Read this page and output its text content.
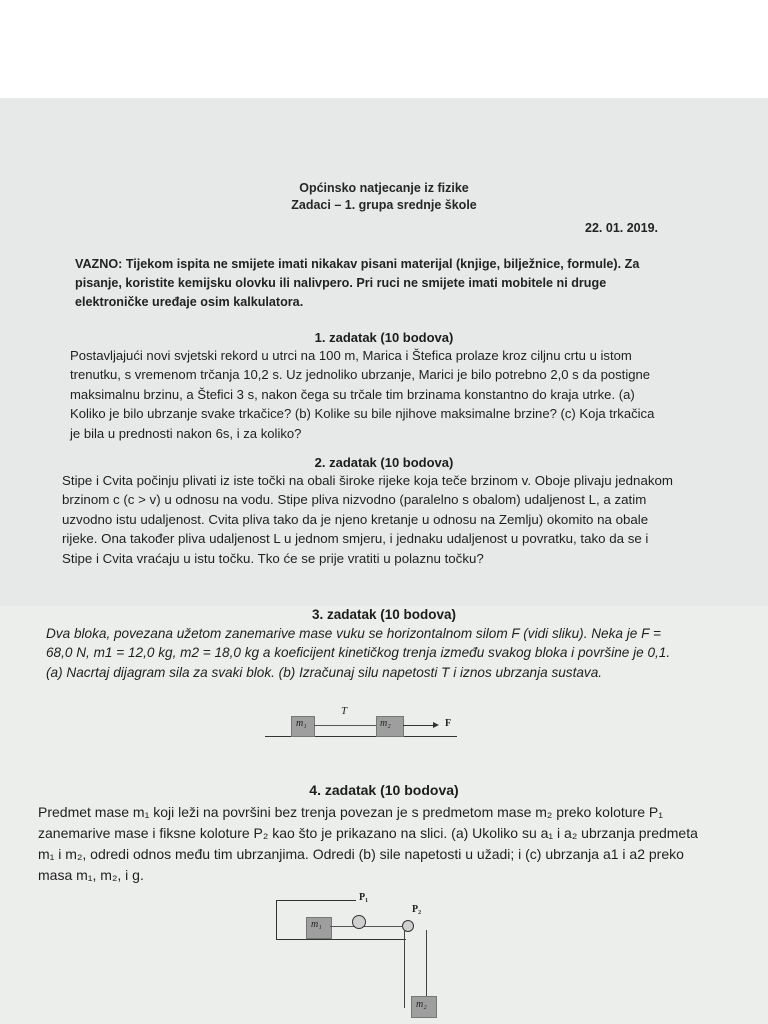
Općinsko natjecanje iz fizike
Zadaci – 1. grupa srednje škole
22. 01. 2019.
VAZNO: Tijekom ispita ne smijete imati nikakav pisani materijal (knjige, bilježnice, formule). Za pisanje, koristite kemijsku olovku ili nalivpero. Pri ruci ne smijete imati mobitele ni druge elektroničke uređaje osim kalkulatora.
1. zadatak (10 bodova)
Postavljajući novi svjetski rekord u utrci na 100 m, Marica i Štefica prolaze kroz ciljnu crtu u istom trenutku, s vremenom trčanja 10,2 s. Uz jednoliko ubrzanje, Marici je bilo potrebno 2,0 s da postigne maksimalnu brzinu, a Štefici 3 s, nakon čega su trčale tim brzinama konstantno do kraja utrke. (a) Koliko je bilo ubrzanje svake trkačice? (b) Kolike su bile njihove maksimalne brzine? (c) Koja trkačica je bila u prednosti nakon 6s, i za koliko?
2. zadatak (10 bodova)
Stipe i Cvita počinju plivati iz iste točki na obali široke rijeke koja teče brzinom v. Oboje plivaju jednakom brzinom c (c > v) u odnosu na vodu. Stipe pliva nizvodno (paralelno s obalom) udaljenost L, a zatim uzvodno istu udaljenost. Cvita pliva tako da je njeno kretanje u odnosu na Zemlju) okomito na obale rijeke. Ona također pliva udaljenost L u jednom smjeru, i jednaku udaljenost u povratku, tako da se i Stipe i Cvita vraćaju u istu točku. Tko će se prije vratiti u polaznu točku?
3. zadatak (10 bodova)
Dva bloka, povezana užetom zanemarive mase vuku se horizontalnom silom F (vidi sliku). Neka je F = 68,0 N, m1 = 12,0 kg, m2 = 18,0 kg a koeficijent kinetičkog trenja između svakog bloka i površine je 0,1. (a) Nacrtaj dijagram sila za svaki blok. (b) Izračunaj silu napetosti T i iznos ubrzanja sustava.
m₁
T
m₂	F
4. zadatak (10 bodova)
Predmet mase m₁ koji leži na površini bez trenja povezan je s predmetom mase m₂ preko koloture P₁ zanemarive mase i fiksne koloture P₂ kao što je prikazano na slici. (a) Ukoliko su a₁ i a₂ ubrzanja predmeta m₁ i m₂, odredi odnos među tim ubrzanjima. Odredi (b) sile napetosti u užadi; i (c) ubrzanja a1 i a2 preko masa m₁, m₂, i g.
m₁
P₁
P₂
m₂
